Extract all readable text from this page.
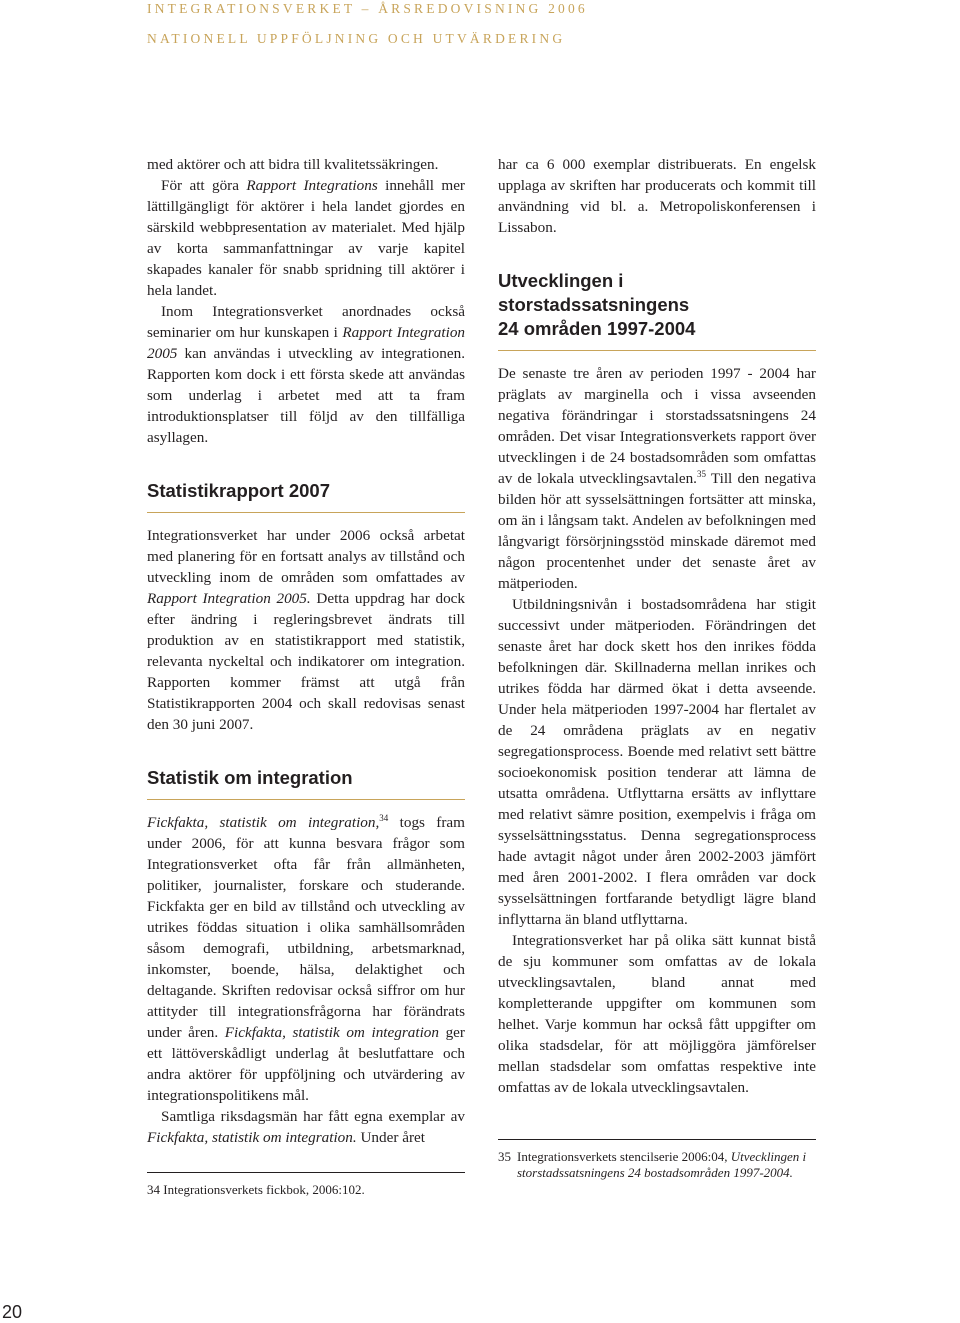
INTEGRATIONSVERKET – ÅRSREDOVISNING 2006
NATIONELL UPPFÖLJNING OCH UTVÄRDERING

med aktörer och att bidra till kvalitetssäkringen.

För att göra Rapport Integrations innehåll mer lättillgängligt för aktörer i hela landet gjordes en särskild webbpresentation av materialet. Med hjälp av korta sammanfattningar av varje kapitel skapades kanaler för snabb spridning till aktörer i hela landet.

Inom Integrationsverket anordnades också seminarier om hur kunskapen i Rapport Integration 2005 kan användas i utveckling av integrationen. Rapporten kom dock i ett första skede att användas som underlag i arbetet med att ta fram introduktionsplatser till följd av den tillfälliga asyllagen.

Statistikrapport 2007

Integrationsverket har under 2006 också arbetat med planering för en fortsatt analys av tillstånd och utveckling inom de områden som omfattades av Rapport Integration 2005. Detta uppdrag har dock efter ändring i regleringsbrevet ändrats till produktion av en statistikrapport med statistik, relevanta nyckeltal och indikatorer om integration. Rapporten kommer främst att utgå från Statistikrapporten 2004 och skall redovisas senast den 30 juni 2007.

Statistik om integration

Fickfakta, statistik om integration,$^{34}$ togs fram under 2006, för att kunna besvara frågor som Integrationsverket ofta får från allmänheten, politiker, journalister, forskare och studerande. Fickfakta ger en bild av tillstånd och utveckling av utrikes föddas situation i olika samhällsområden såsom demografi, utbildning, arbetsmarknad, inkomster, boende, hälsa, delaktighet och deltagande. Skriften redovisar också siffror om hur attityder till integrationsfrågorna har förändrats under åren. Fickfakta, statistik om integration ger ett lättöverskådligt underlag åt beslutfattare och andra aktörer för uppföljning och utvärdering av integrationspolitikens mål.

Samtliga riksdagsmän har fått egna exemplar av Fickfakta, statistik om integration. Under året

34 Integrationsverkets fickbok, 2006:102.

har ca 6 000 exemplar distribuerats. En engelsk upplaga av skriften har producerats och kommit till användning vid bl. a. Metropoliskonferensen i Lissabon.

Utvecklingen i storstadssatsningens
24 områden 1997-2004

De senaste tre åren av perioden 1997 - 2004 har präglats av marginella och i vissa avseenden negativa förändringar i storstadssatsningens 24 områden. Det visar Integrationsverkets rapport över utvecklingen i de 24 bostadsområden som omfattas av de lokala utvecklingsavtalen.$^{35}$ Till den negativa bilden hör att sysselsättningen fortsätter att minska, om än i långsam takt. Andelen av befolkningen med långvarigt försörjningsstöd minskade däremot med någon procentenhet under det senaste året av mätperioden.

Utbildningsnivån i bostadsområdena har stigit successivt under mätperioden. Förändringen det senaste året har dock skett hos den inrikes födda befolkningen där. Skillnaderna mellan inrikes och utrikes födda har därmed ökat i detta avseende. Under hela mätperioden 1997-2004 har flertalet av de 24 områdena präglats av en negativ segregationsprocess. Boende med relativt sett bättre socioekonomisk position tenderar att lämna de utsatta områdena. Utflyttarna ersätts av inflyttare med relativt sämre position, exempelvis i fråga om sysselsättningsstatus. Denna segregationsprocess hade avtagit något under åren 2002-2003 jämfört med åren 2001-2002. I flera områden var dock sysselsättningen fortfarande betydligt lägre bland inflyttarna än bland utflyttarna.

Integrationsverket har på olika sätt kunnat bistå de sju kommuner som omfattas av de lokala utvecklingsavtalen, bland annat med kompletterande uppgifter om kommunen som helhet. Varje kommun har också fått uppgifter om olika stadsdelar, för att möjliggöra jämförelser mellan stadsdelar som omfattas respektive inte omfattas av de lokala utvecklingsavtalen.

35 Integrationsverkets stencilserie 2006:04, Utvecklingen i storstadssatsningens 24 bostadsområden 1997-2004.
20
